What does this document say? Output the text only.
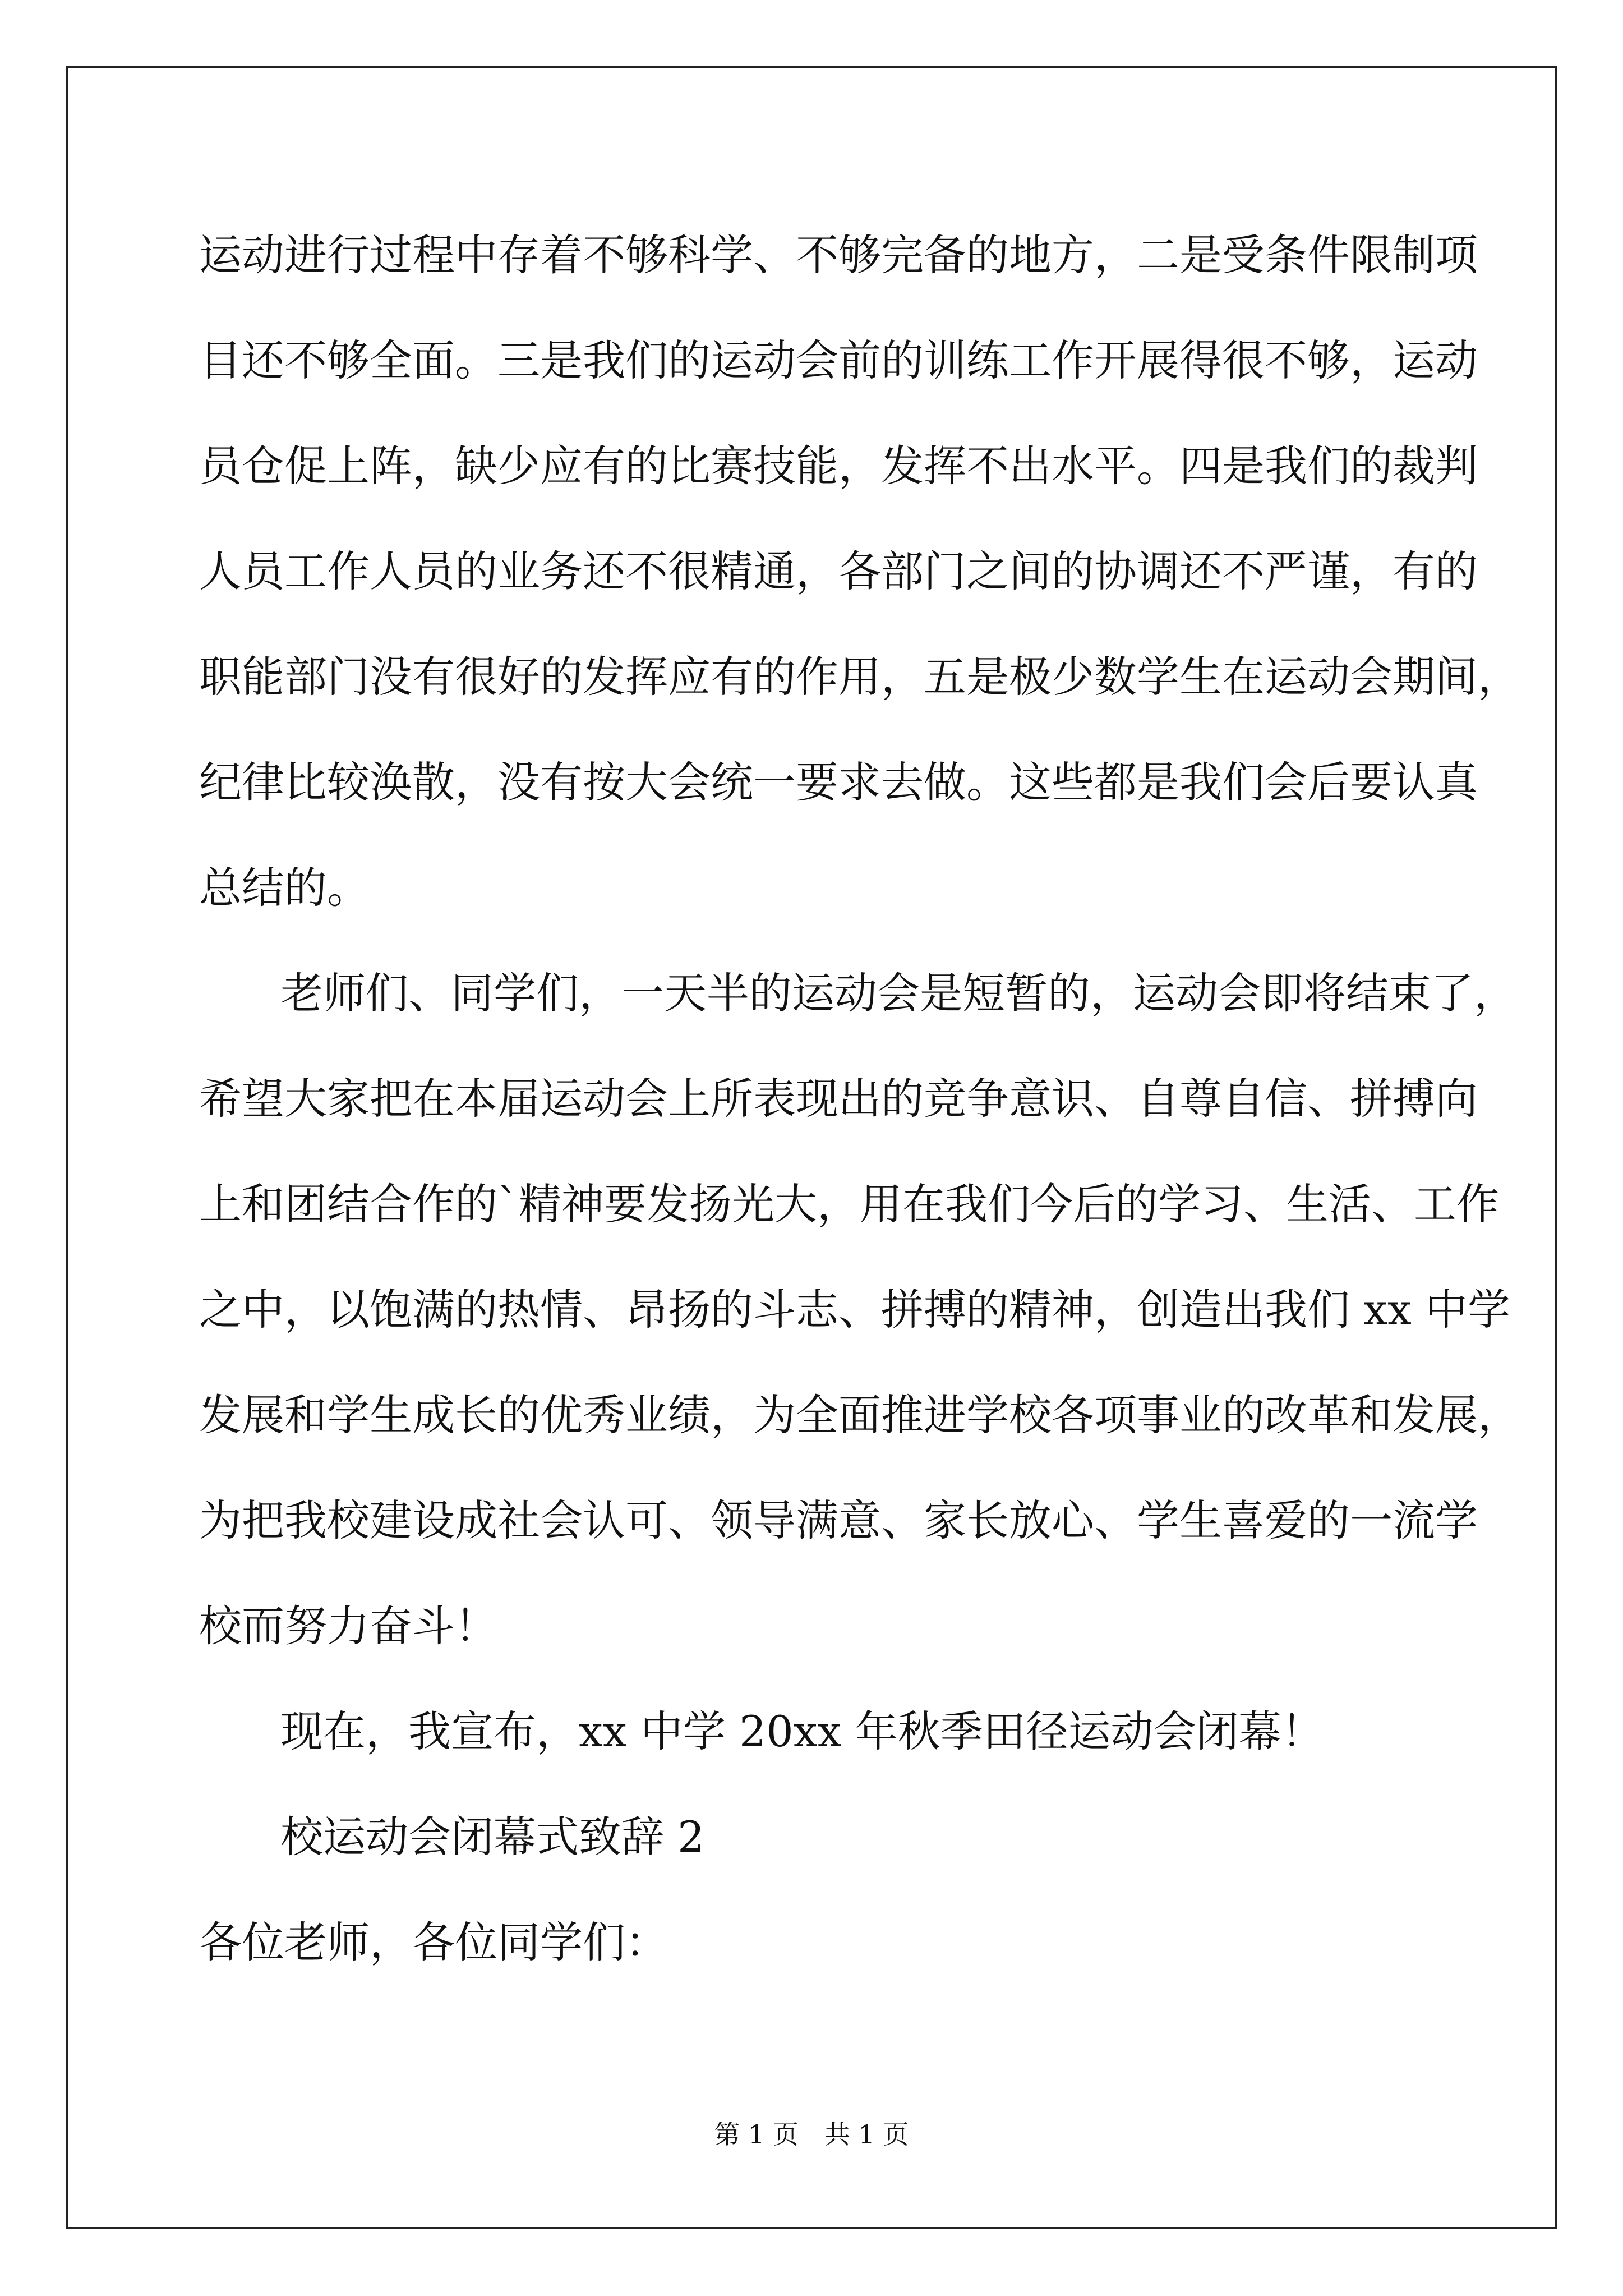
运动进行过程中存着不够科学、不够完备的地方，二是受条件限制项
目还不够全面。三是我们的运动会前的训练工作开展得很不够，运动
员仓促上阵，缺少应有的比赛技能，发挥不出水平。四是我们的裁判
人员工作人员的业务还不很精通，各部门之间的协调还不严谨，有的
职能部门没有很好的发挥应有的作用，五是极少数学生在运动会期间，
纪律比较涣散，没有按大会统一要求去做。这些都是我们会后要认真
总结的。
老师们、同学们，一天半的运动会是短暂的，运动会即将结束了，
希望大家把在本届运动会上所表现出的竞争意识、自尊自信、拼搏向
上和团结合作的`精神要发扬光大，用在我们今后的学习、生活、工作
之中，以饱满的热情、昂扬的斗志、拼搏的精神，创造出我们 xx 中学
发展和学生成长的优秀业绩，为全面推进学校各项事业的改革和发展，
为把我校建设成社会认可、领导满意、家长放心、学生喜爱的一流学
校而努力奋斗！
现在，我宣布，xx 中学 20xx 年秋季田径运动会闭幕！
校运动会闭幕式致辞 2
各位老师，各位同学们：
第 1 页　共 1 页
